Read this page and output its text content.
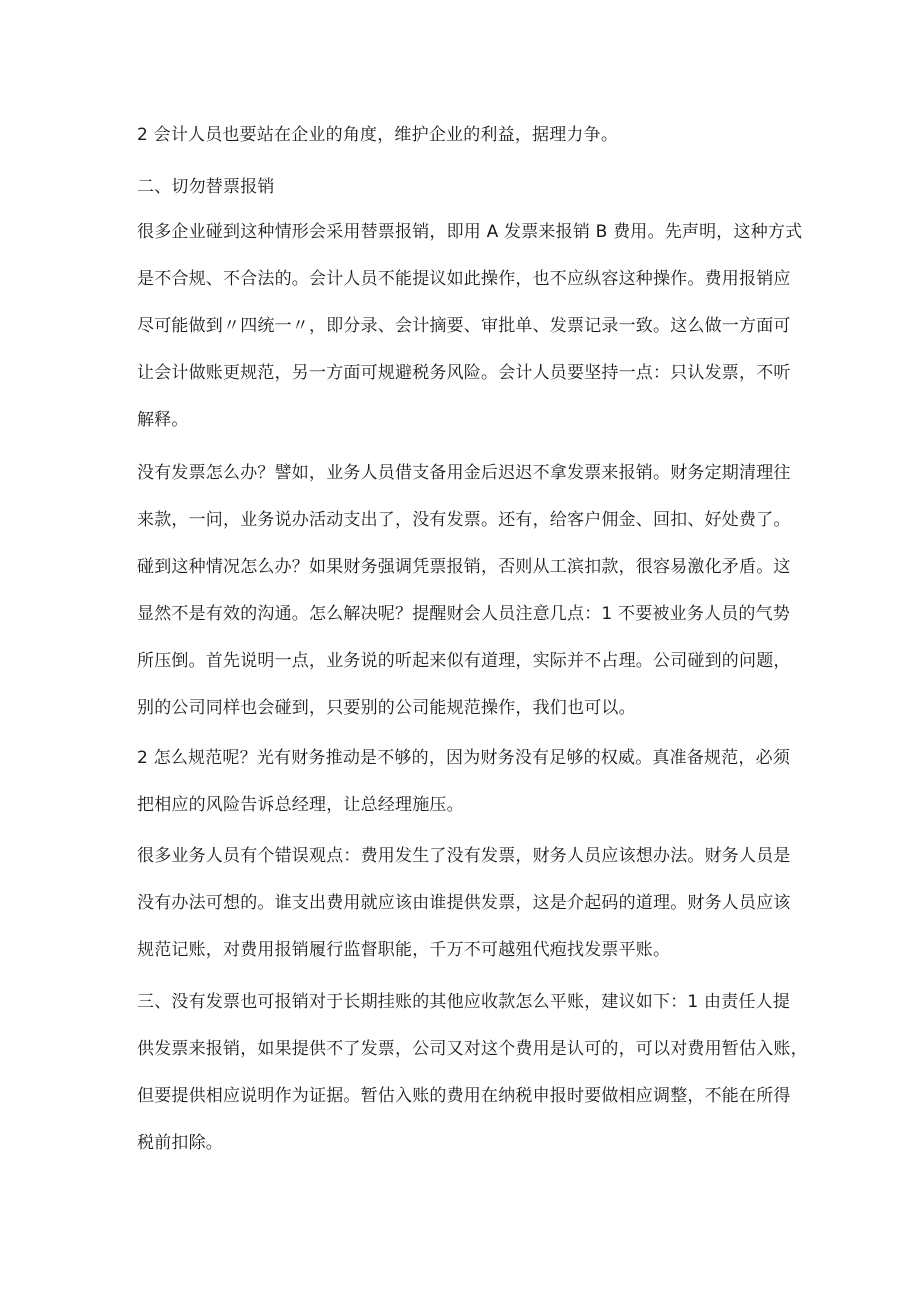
2 会计人员也要站在企业的角度，维护企业的利益，据理力争。
二、切勿替票报销
很多企业碰到这种情形会采用替票报销，即用 A 发票来报销 B 费用。先声明，这种方式
是不合规、不合法的。会计人员不能提议如此操作，也不应纵容这种操作。费用报销应
尽可能做到〃四统一〃，即分录、会计摘要、审批单、发票记录一致。这么做一方面可
让会计做账更规范，另一方面可规避税务风险。会计人员要坚持一点：只认发票，不听
解释。
没有发票怎么办？譬如，业务人员借支备用金后迟迟不拿发票来报销。财务定期清理往
来款，一问，业务说办活动支出了，没有发票。还有，给客户佣金、回扣、好处费了。
碰到这种情况怎么办？如果财务强调凭票报销，否则从工滨扣款，很容易激化矛盾。这
显然不是有效的沟通。怎么解决呢？提醒财会人员注意几点：1 不要被业务人员的气势
所压倒。首先说明一点，业务说的听起来似有道理，实际并不占理。公司碰到的问题，
别的公司同样也会碰到，只要别的公司能规范操作，我们也可以。
2 怎么规范呢？光有财务推动是不够的，因为财务没有足够的权威。真准备规范，必须
把相应的风险告诉总经理，让总经理施压。
很多业务人员有个错误观点：费用发生了没有发票，财务人员应该想办法。财务人员是
没有办法可想的。谁支出费用就应该由谁提供发票，这是介起码的道理。财务人员应该
规范记账，对费用报销履行监督职能，千万不可越殂代疱找发票平账。
三、没有发票也可报销对于长期挂账的其他应收款怎么平账，建议如下：1 由责任人提
供发票来报销，如果提供不了发票，公司又对这个费用是认可的，可以对费用暂估入账，
但要提供相应说明作为证据。暂估入账的费用在纳税申报时要做相应调整，不能在所得
税前扣除。
